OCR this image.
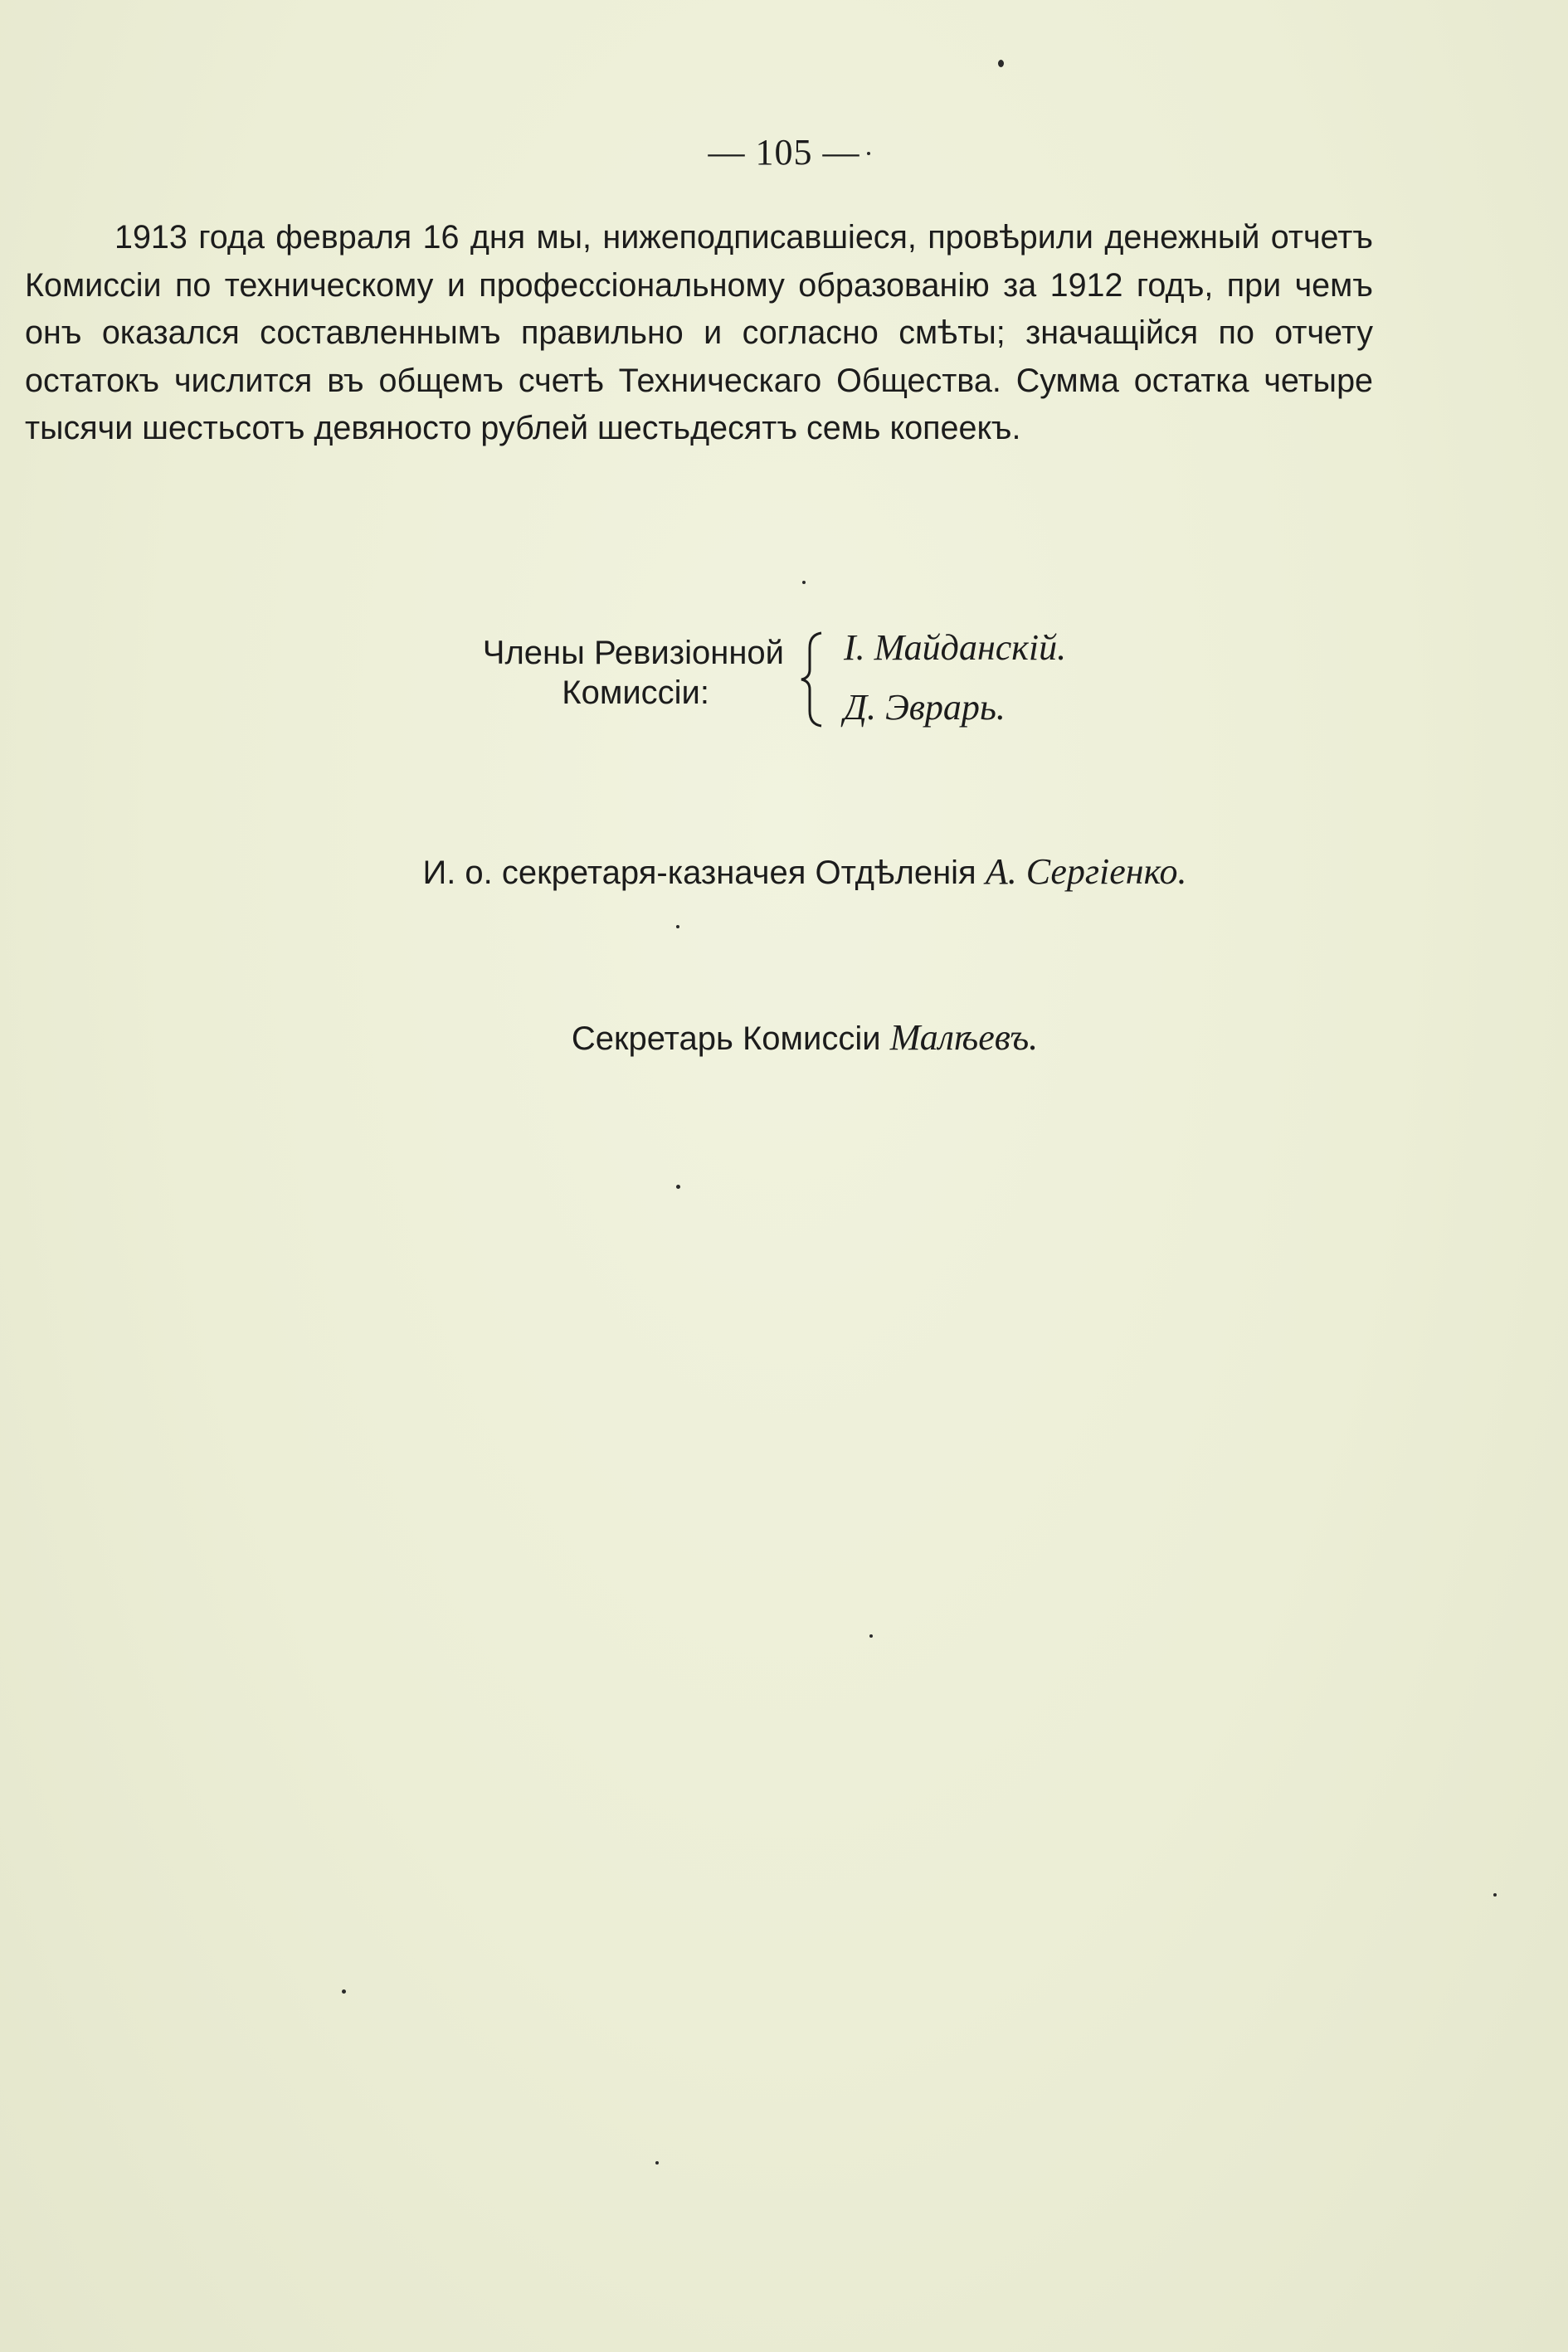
— 105 —

1913 года февраля 16 дня мы, нижеподписавшіеся, провѣрили денежный отчетъ Комиссіи по техническому и профессіональному образованію за 1912 годъ, при чемъ онъ оказался составленнымъ правильно и согласно смѣты; значащійся по отчету остатокъ числится въ общемъ счетѣ Техническаго Общества. Сумма остатка четыре тысячи шестьсотъ девяносто рублей шестьдесятъ семь копеекъ.

Члены Ревизіонной
Комиссіи:
І. Майданскій.
Д. Эврарь.
И. о. секретаря-казначея Отдѣленія А. Сергіенко.
Секретарь Комиссіи Малѣевъ.
